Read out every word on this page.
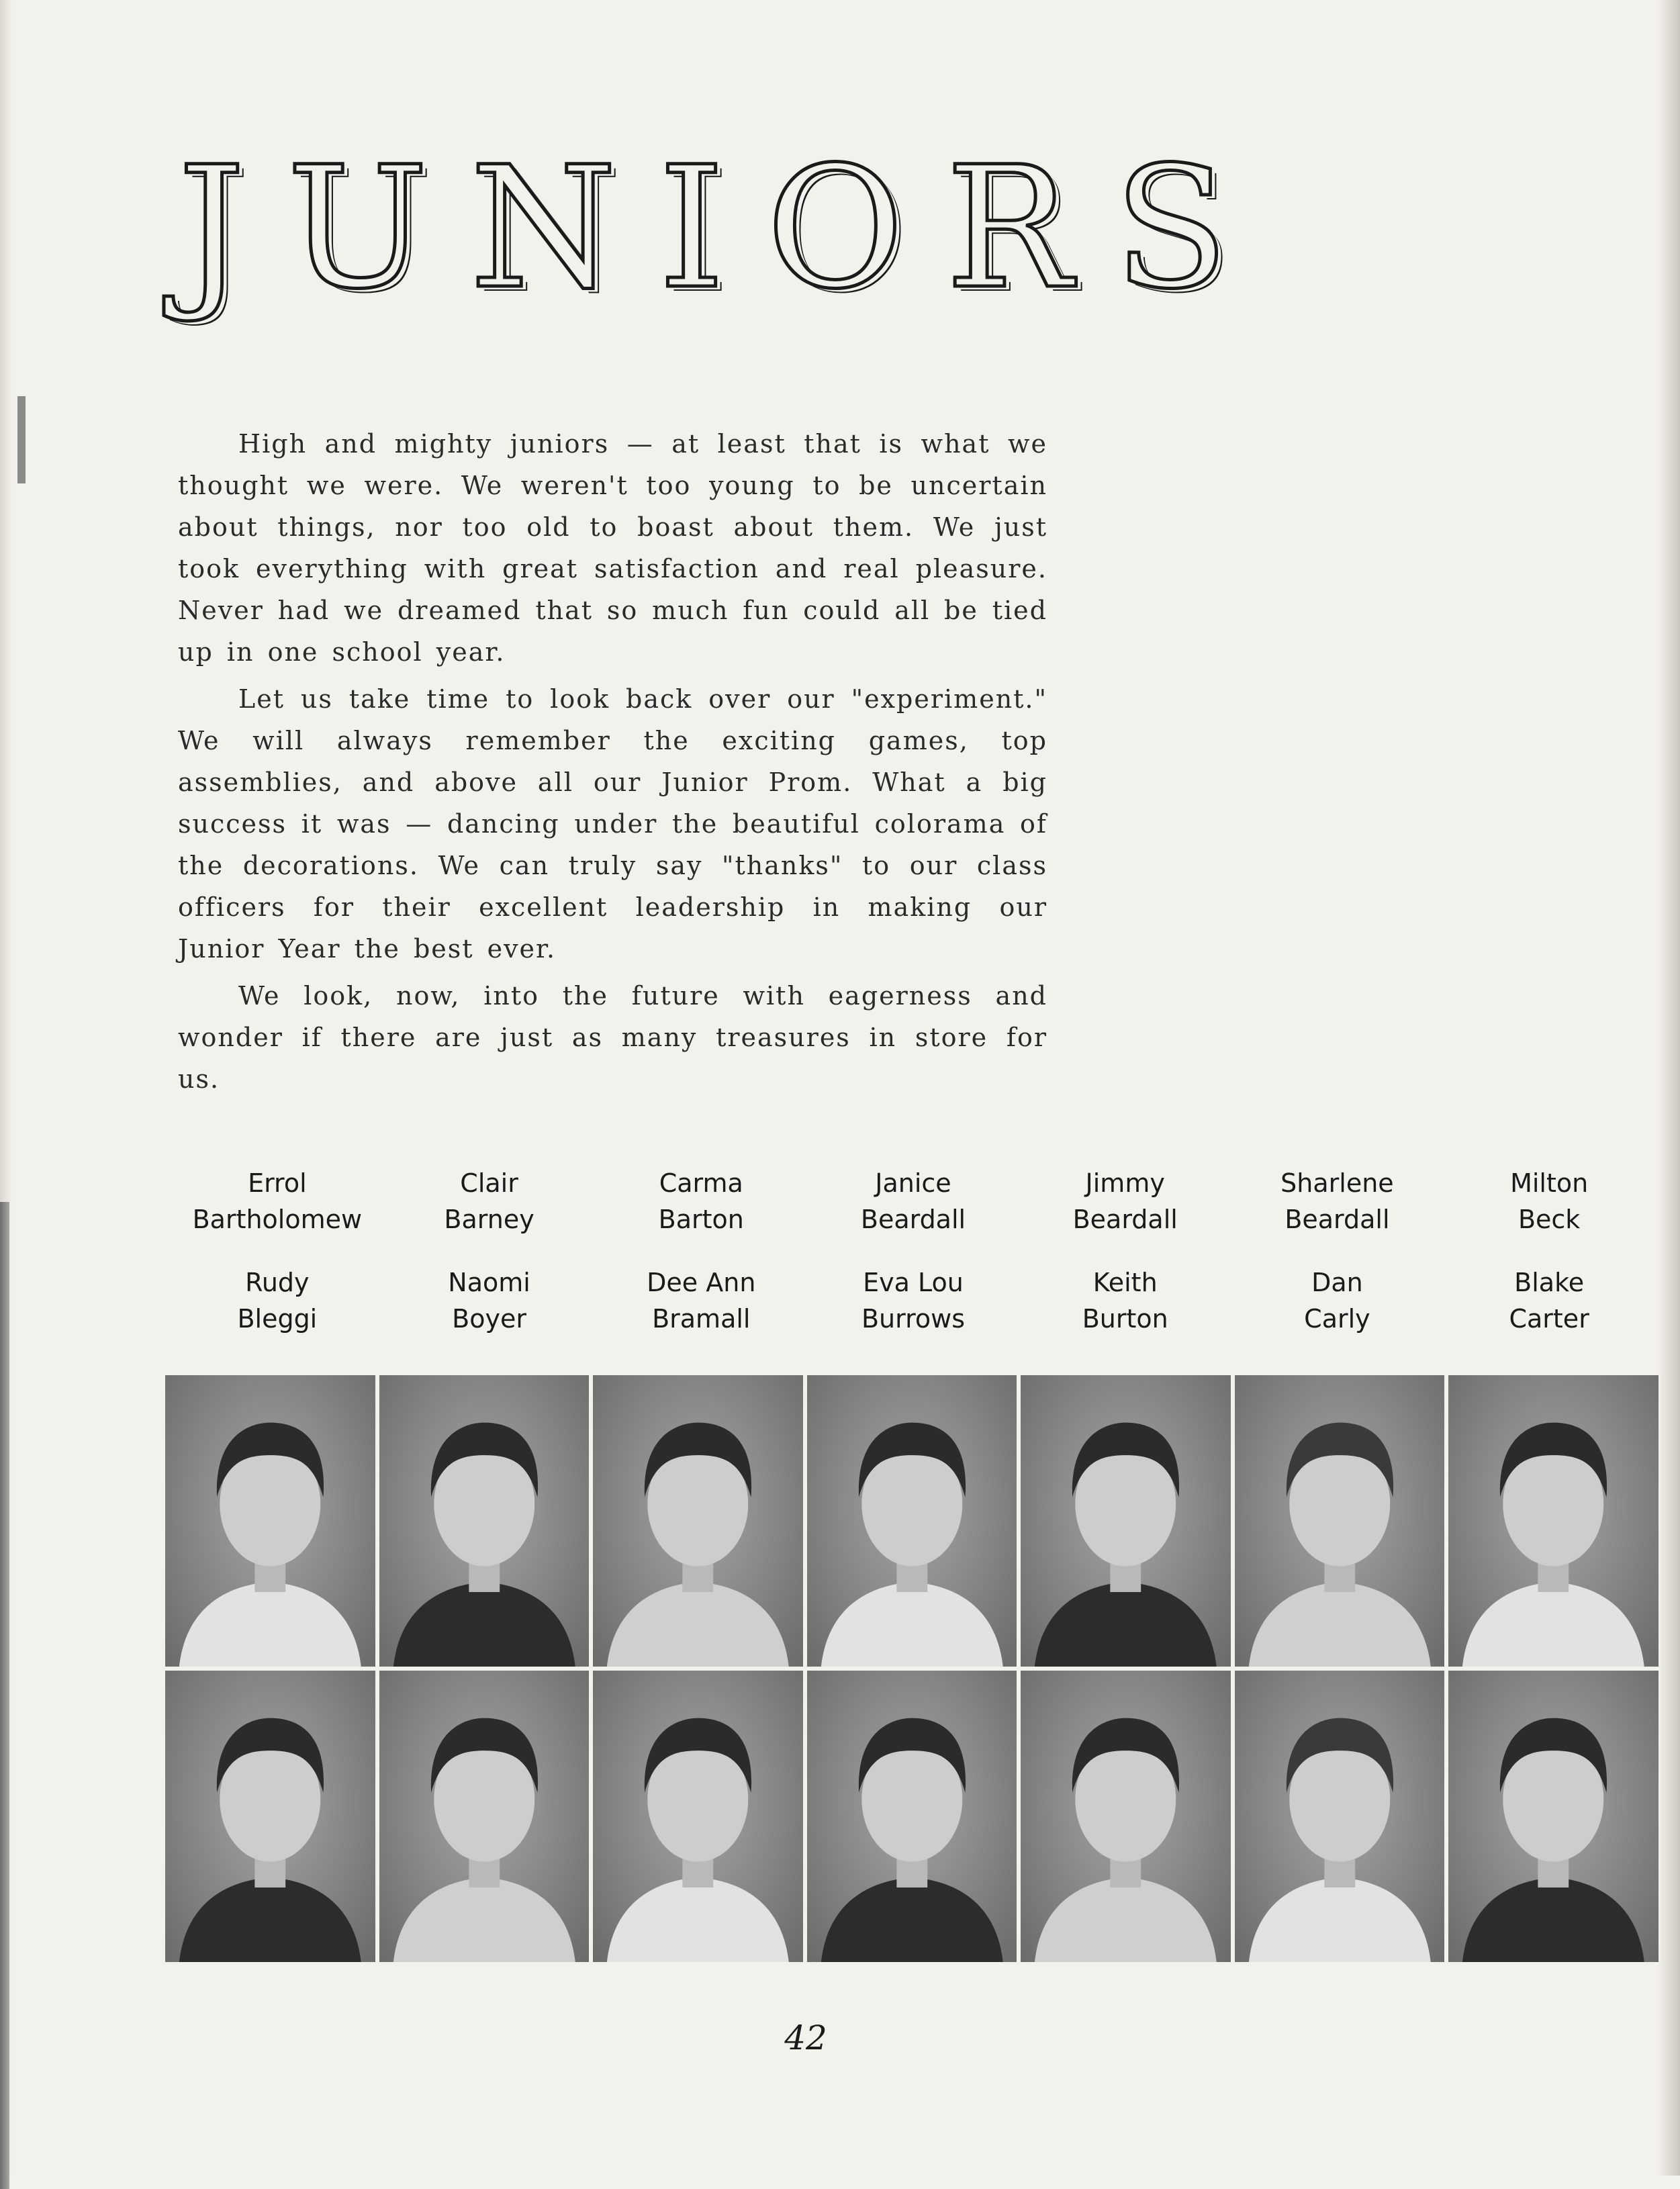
JUNIORS

High and mighty juniors — at least that is what we thought we were. We weren't too young to be uncertain about things, nor too old to boast about them. We just took everything with great satisfaction and real pleasure. Never had we dreamed that so much fun could all be tied up in one school year.

Let us take time to look back over our "experiment." We will always remember the exciting games, top assemblies, and above all our Junior Prom. What a big success it was — dancing under the beautiful colorama of the decorations. We can truly say "thanks" to our class officers for their excellent leadership in making our Junior Year the best ever.

We look, now, into the future with eagerness and wonder if there are just as many treasures in store for us.

Errol
Bartholomew
Clair
Barney
Carma
Barton
Janice
Beardall
Jimmy
Beardall
Sharlene
Beardall
Milton
Beck
Rudy
Bleggi
Naomi
Boyer
Dee Ann
Bramall
Eva Lou
Burrows
Keith
Burton
Dan
Carly
Blake
Carter
42
